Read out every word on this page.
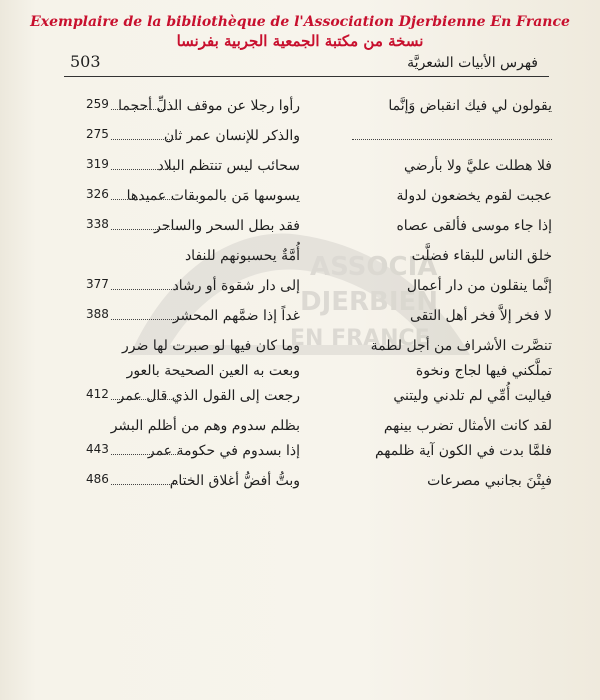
ASSOCIA
DJERBIEN
EN FRANCE
Exemplaire de la bibliothèque de l'Association Djerbienne En France
نسخة من مكتبة الجمعية الجربية بفرنسا
503	فهرس الأبيات الشعريَّة
يقولون لي فيك انقباض وَإنَّما
رأوا رجلا عن موقف الذلِّ أحجما
259
والذكر للإنسان عمر ثان
275
فلا هطلت عليَّ ولا بأرضي
سحائب ليس تنتظم البلاد
319
عجبت لقوم يخضعون لدولة
يسوسها مَن بالموبقات عميدها
326
إذا جاء موسى فألقى عصاه
فقد بطل السحر والساحر
338
خلق الناس للبقاء فضلَّت
أُمَّةٌ يحسبونهم للنفاد
إنَّما ينقلون من دار أعمال
إلى دار شقوة أو رشاد
377
لا فخر إلاَّ فخر أهل التقى
غداً إذا ضمَّهم المحشر
388
تنصَّرت الأشراف من أجل لطمة
وما كان فيها لو صبرت لها ضرر
تملَّكني فيها لجاج ونخوة
وبعت به العين الصحيحة بالعور
فياليت أُمِّي لم تلدني وليتني
رجعت إلى القول الذي قال عمر
412
لقد كانت الأمثال تضرب بينهم
بظلم سدوم وهم من أظلم البشر
فلمَّا بدت في الكون آية ظلمهم
إذا بسدوم في حكومة عمر
443
فبِتْنَ بجانبي مصرعات
وبتُّ أفضُّ أغلاق الختام
486
